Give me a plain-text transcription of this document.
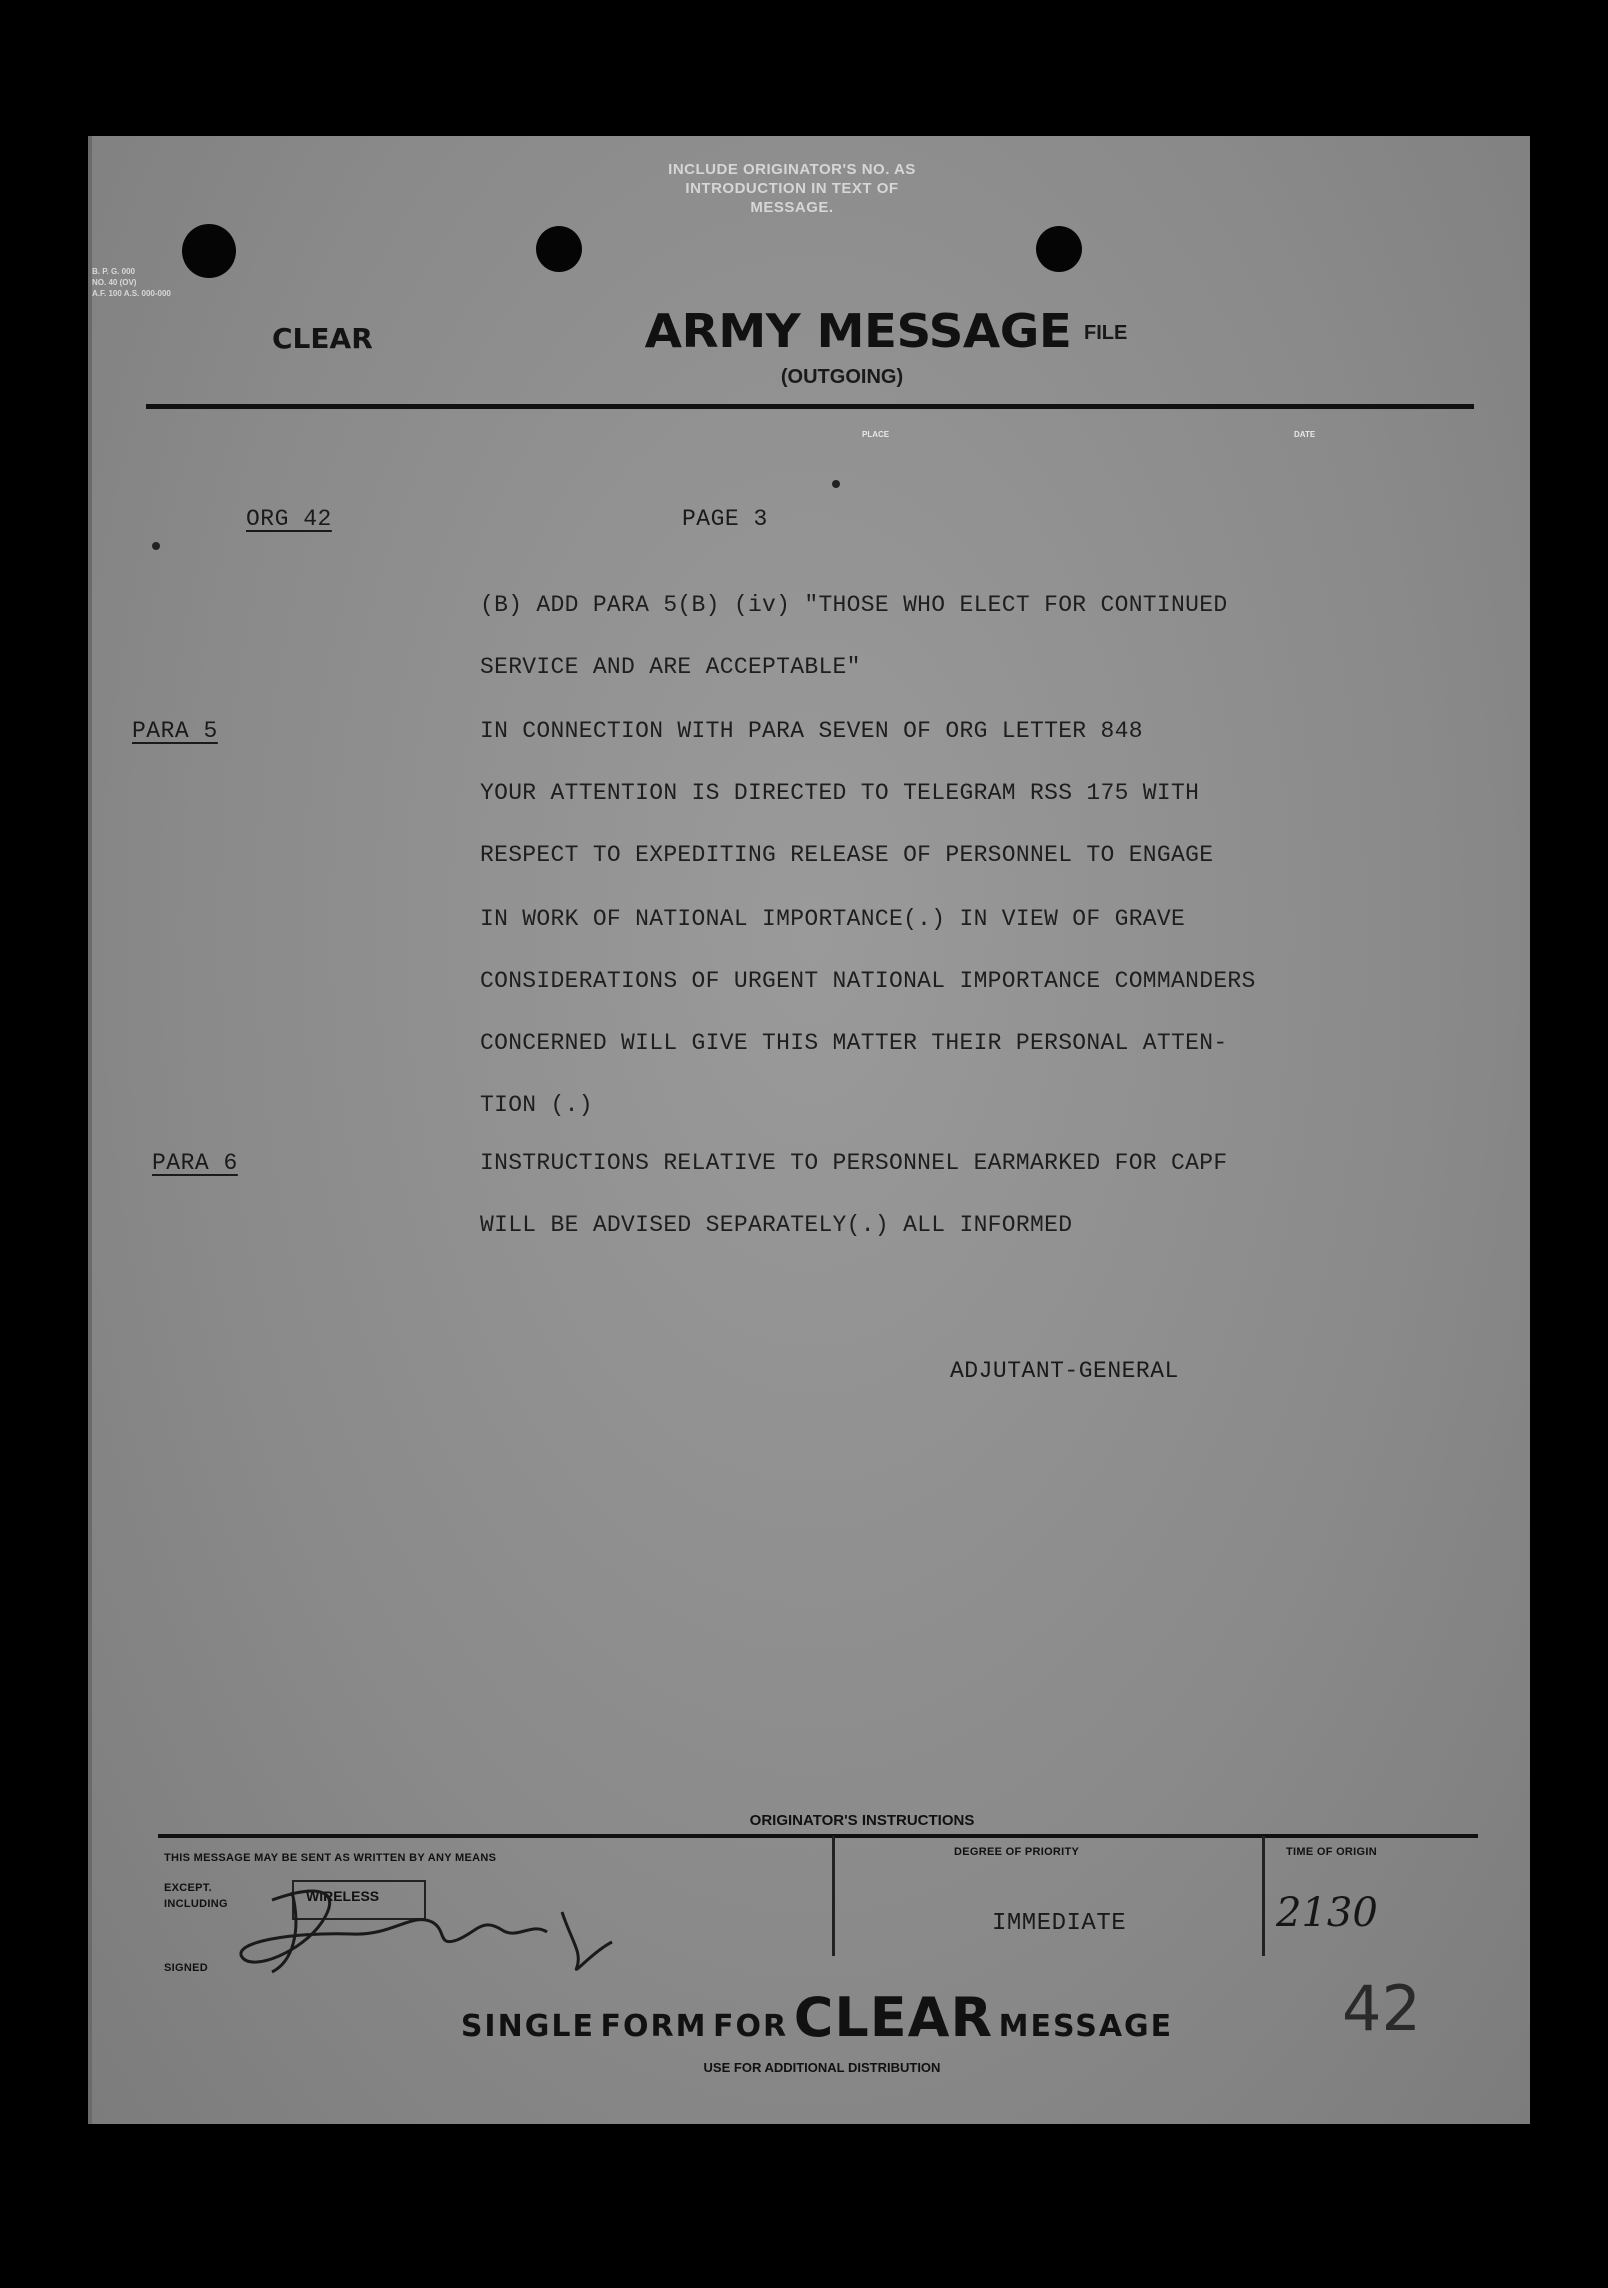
INCLUDE ORIGINATOR'S NO. AS
INTRODUCTION IN TEXT OF
MESSAGE.
B. P. G. 000
NO. 40 (OV)
A.F. 100 A.S. 000-000
CLEAR	ARMY MESSAGE
(OUTGOING)
FILE
PLACE	DATE
ORG 42	PAGE 3
PARA 5
PARA 6
(B) ADD PARA 5(B) (iv) "THOSE WHO ELECT FOR CONTINUED
SERVICE AND ARE ACCEPTABLE"
IN CONNECTION WITH PARA SEVEN OF ORG LETTER 848
YOUR ATTENTION IS DIRECTED TO TELEGRAM RSS 175 WITH
RESPECT TO EXPEDITING RELEASE OF PERSONNEL TO ENGAGE
IN WORK OF NATIONAL IMPORTANCE(.) IN VIEW OF GRAVE
CONSIDERATIONS OF URGENT NATIONAL IMPORTANCE COMMANDERS
CONCERNED WILL GIVE THIS MATTER THEIR PERSONAL ATTEN-
TION (.)
INSTRUCTIONS RELATIVE TO PERSONNEL EARMARKED FOR CAPF
WILL BE ADVISED SEPARATELY(.) ALL INFORMED
ADJUTANT-GENERAL
ORIGINATOR'S INSTRUCTIONS
THIS MESSAGE MAY BE SENT AS WRITTEN BY ANY MEANS
EXCEPT.
INCLUDING	WIRELESS
SIGNED
DEGREE OF PRIORITY
IMMEDIATE
TIME OF ORIGIN
2130
SINGLE FORM FOR CLEAR MESSAGE
USE FOR ADDITIONAL DISTRIBUTION
42
